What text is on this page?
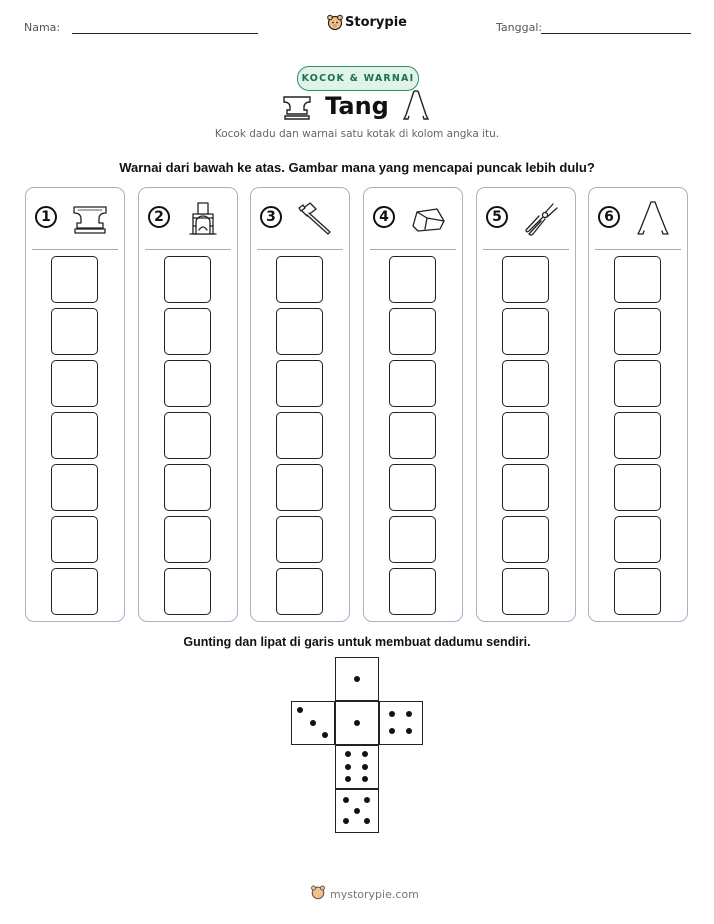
Nama:	Storypie	Tanggal:
KOCOK & WARNAI
Tang
Kocok dadu dan warnai satu kotak di kolom angka itu.
Warnai dari bawah ke atas. Gambar mana yang mencapai puncak lebih dulu?
1	2	3	4	5	6
Gunting dan lipat di garis untuk membuat dadumu sendiri.
mystorypie.com
